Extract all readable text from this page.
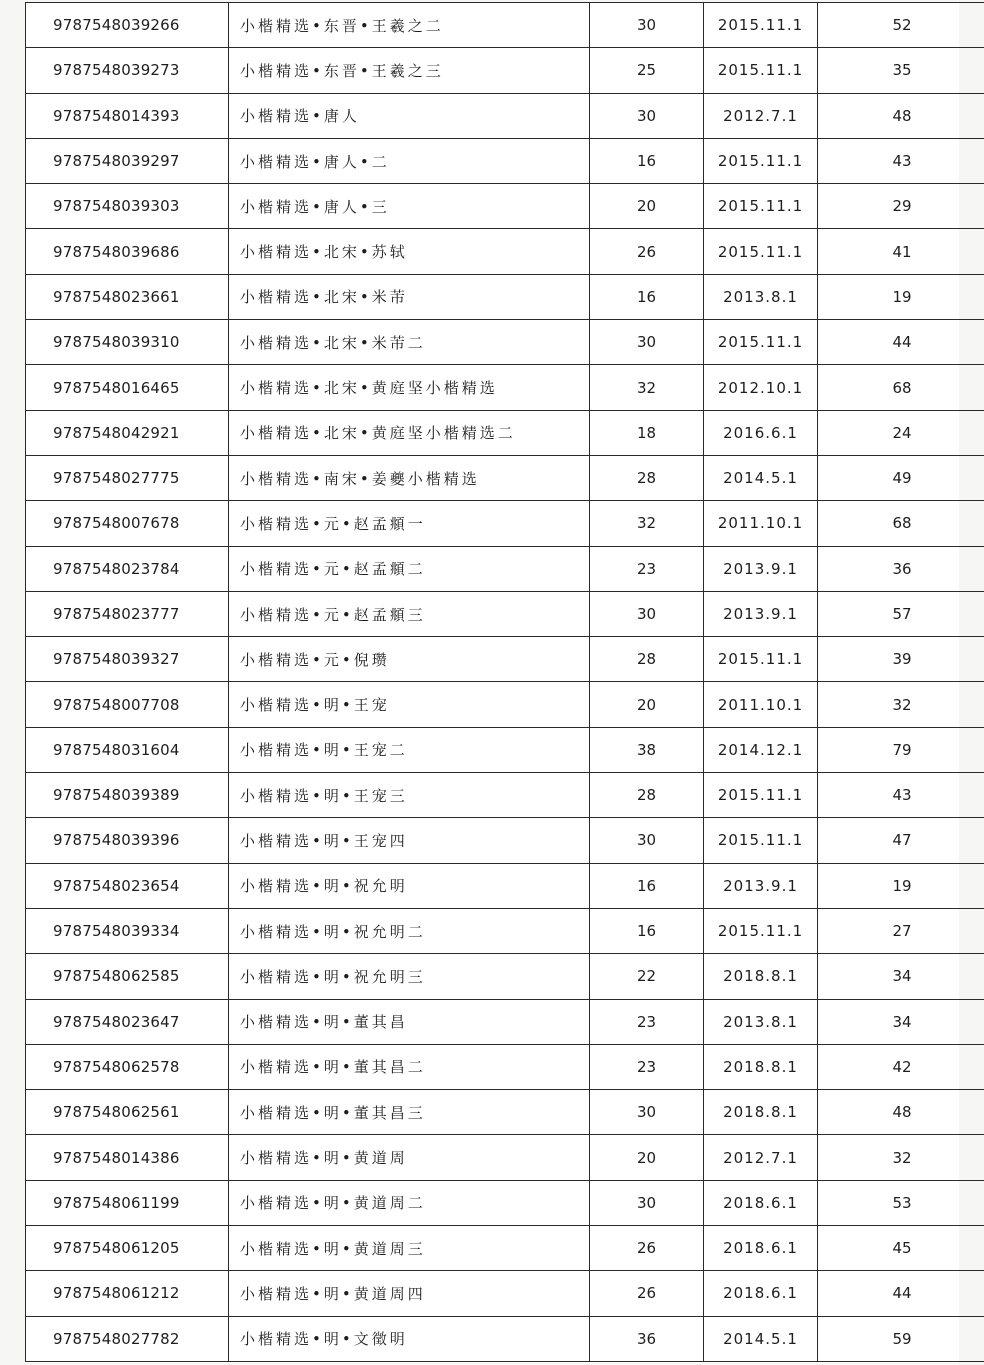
9787548039266	小楷精选•东晋•王羲之二	30	2015.11.1	52
9787548039273	小楷精选•东晋•王羲之三	25	2015.11.1	35
9787548014393	小楷精选•唐人	30	2012.7.1	48
9787548039297	小楷精选•唐人•二	16	2015.11.1	43
9787548039303	小楷精选•唐人•三	20	2015.11.1	29
9787548039686	小楷精选•北宋•苏轼	26	2015.11.1	41
9787548023661	小楷精选•北宋•米芾	16	2013.8.1	19
9787548039310	小楷精选•北宋•米芾二	30	2015.11.1	44
9787548016465	小楷精选•北宋•黄庭坚小楷精选	32	2012.10.1	68
9787548042921	小楷精选•北宋•黄庭坚小楷精选二	18	2016.6.1	24
9787548027775	小楷精选•南宋•姜夔小楷精选	28	2014.5.1	49
9787548007678	小楷精选•元•赵孟頫一	32	2011.10.1	68
9787548023784	小楷精选•元•赵孟頫二	23	2013.9.1	36
9787548023777	小楷精选•元•赵孟頫三	30	2013.9.1	57
9787548039327	小楷精选•元•倪瓒	28	2015.11.1	39
9787548007708	小楷精选•明•王宠	20	2011.10.1	32
9787548031604	小楷精选•明•王宠二	38	2014.12.1	79
9787548039389	小楷精选•明•王宠三	28	2015.11.1	43
9787548039396	小楷精选•明•王宠四	30	2015.11.1	47
9787548023654	小楷精选•明•祝允明	16	2013.9.1	19
9787548039334	小楷精选•明•祝允明二	16	2015.11.1	27
9787548062585	小楷精选•明•祝允明三	22	2018.8.1	34
9787548023647	小楷精选•明•董其昌	23	2013.8.1	34
9787548062578	小楷精选•明•董其昌二	23	2018.8.1	42
9787548062561	小楷精选•明•董其昌三	30	2018.8.1	48
9787548014386	小楷精选•明•黄道周	20	2012.7.1	32
9787548061199	小楷精选•明•黄道周二	30	2018.6.1	53
9787548061205	小楷精选•明•黄道周三	26	2018.6.1	45
9787548061212	小楷精选•明•黄道周四	26	2018.6.1	44
9787548027782	小楷精选•明•文徵明	36	2014.5.1	59
